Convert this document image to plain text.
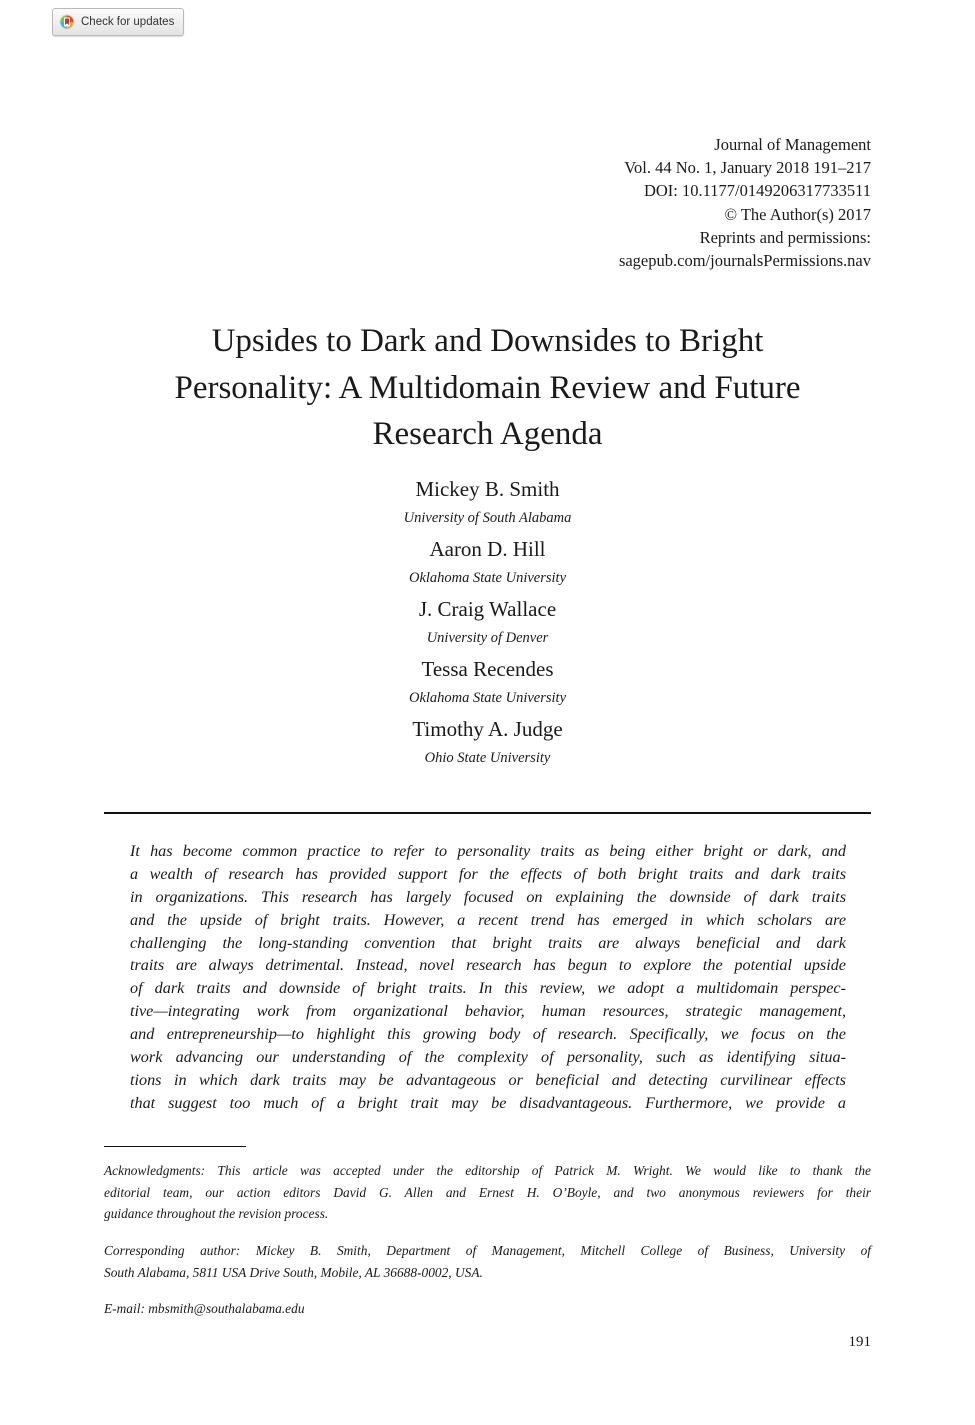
Check for updates
Journal of Management
Vol. 44 No. 1, January 2018 191–217
DOI: 10.1177/0149206317733511
© The Author(s) 2017
Reprints and permissions:
sagepub.com/journalsPermissions.nav
Upsides to Dark and Downsides to Bright
Personality: A Multidomain Review and Future
Research Agenda
Mickey B. Smith
University of South Alabama
Aaron D. Hill
Oklahoma State University
J. Craig Wallace
University of Denver
Tessa Recendes
Oklahoma State University
Timothy A. Judge
Ohio State University
It has become common practice to refer to personality traits as being either bright or dark, and
a wealth of research has provided support for the effects of both bright traits and dark traits
in organizations. This research has largely focused on explaining the downside of dark traits
and the upside of bright traits. However, a recent trend has emerged in which scholars are
challenging the long-standing convention that bright traits are always beneficial and dark
traits are always detrimental. Instead, novel research has begun to explore the potential upside
of dark traits and downside of bright traits. In this review, we adopt a multidomain perspec-
tive—integrating work from organizational behavior, human resources, strategic management,
and entrepreneurship—to highlight this growing body of research. Specifically, we focus on the
work advancing our understanding of the complexity of personality, such as identifying situa-
tions in which dark traits may be advantageous or beneficial and detecting curvilinear effects
that suggest too much of a bright trait may be disadvantageous. Furthermore, we provide a
Acknowledgments: This article was accepted under the editorship of Patrick M. Wright. We would like to thank the
editorial team, our action editors David G. Allen and Ernest H. O’Boyle, and two anonymous reviewers for their
guidance throughout the revision process.
Corresponding author: Mickey B. Smith, Department of Management, Mitchell College of Business, University of
South Alabama, 5811 USA Drive South, Mobile, AL 36688-0002, USA.
E-mail: mbsmith@southalabama.edu
191
